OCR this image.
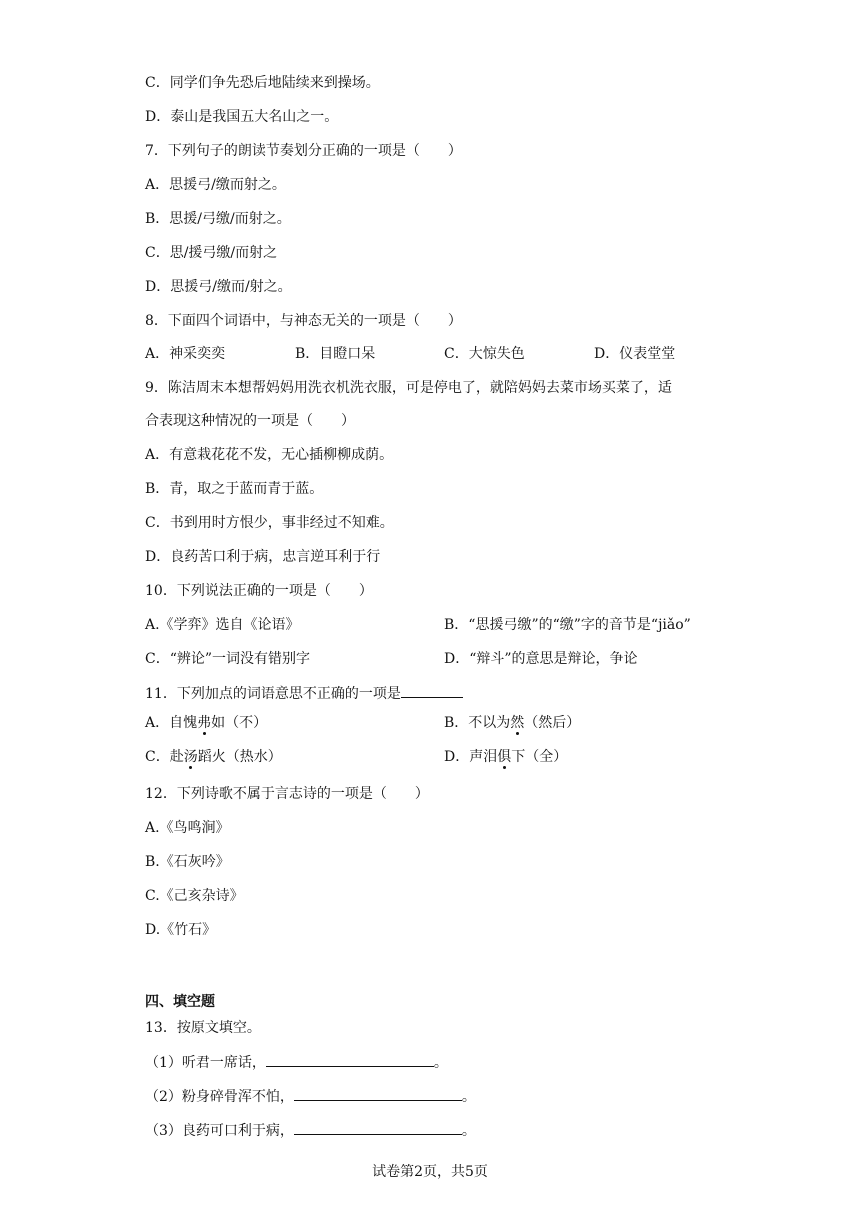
C．同学们争先恐后地陆续来到操场。
D．泰山是我国五大名山之一。
7．下列句子的朗读节奏划分正确的一项是（　　）
A．思援弓/缴而射之。
B．思援/弓缴/而射之。
C．思/援弓缴/而射之
D．思援弓/缴而/射之。
8．下面四个词语中，与神态无关的一项是（　　）
A．神采奕奕	B．目瞪口呆	C．大惊失色	D．仪表堂堂
9．陈洁周末本想帮妈妈用洗衣机洗衣服，可是停电了，就陪妈妈去菜市场买菜了，适
合表现这种情况的一项是（　　）
A．有意栽花花不发，无心插柳柳成荫。
B．青，取之于蓝而青于蓝。
C．书到用时方恨少，事非经过不知难。
D．良药苦口利于病，忠言逆耳利于行
10．下列说法正确的一项是（　　）
A.《学弈》选自《论语》	B．“思援弓缴”的“缴”字的音节是“jiǎo”
C．“辨论”一词没有错别字	D．“辩斗”的意思是辩论，争论
11．下列加点的词语意思不正确的一项是
A．自愧弗如（不）	B．不以为然（然后）
C．赴汤蹈火（热水）	D．声泪俱下（全）
12．下列诗歌不属于言志诗的一项是（　　）
A.《鸟鸣涧》
B.《石灰吟》
C.《己亥杂诗》
D.《竹石》
四、填空题
13．按原文填空。
（1）听君一席话，	。
（2）粉身碎骨浑不怕，	。
（3）良药可口利于病，	。
试卷第2页，共5页
